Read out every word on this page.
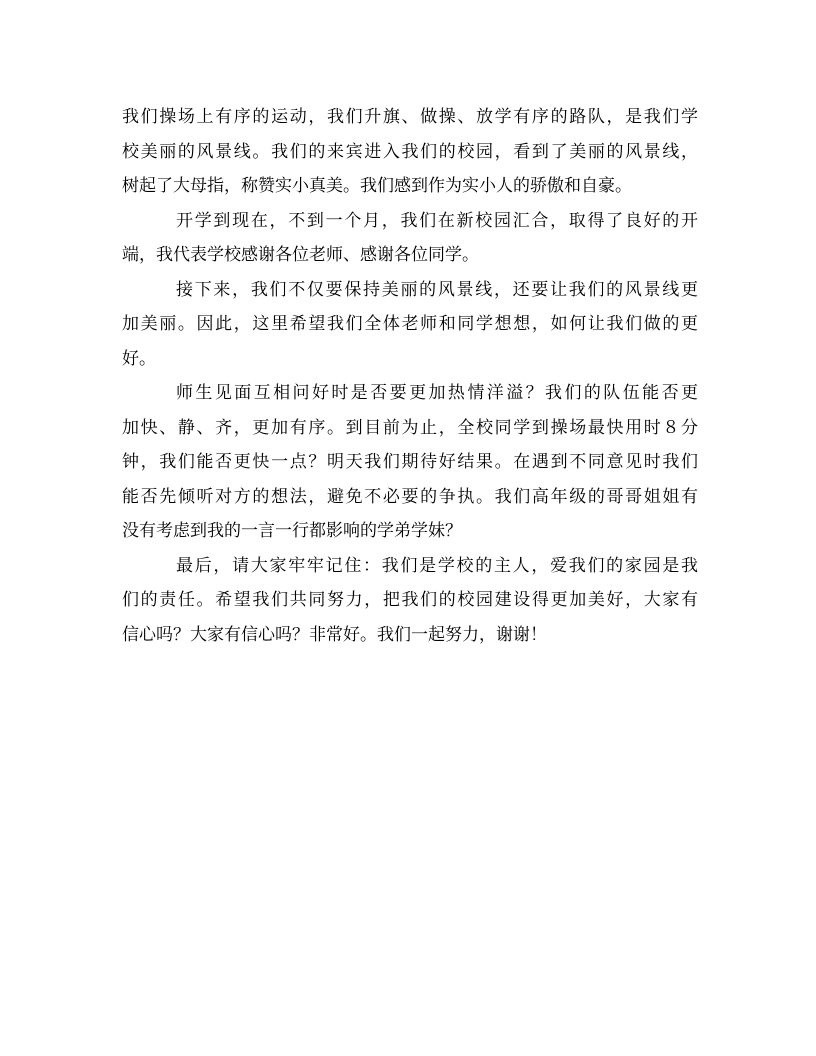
我们操场上有序的运动，我们升旗、做操、放学有序的路队，是我们学
校美丽的风景线。我们的来宾进入我们的校园，看到了美丽的风景线，
树起了大母指，称赞实小真美。我们感到作为实小人的骄傲和自豪。
开学到现在，不到一个月，我们在新校园汇合，取得了良好的开
端，我代表学校感谢各位老师、感谢各位同学。
接下来，我们不仅要保持美丽的风景线，还要让我们的风景线更
加美丽。因此，这里希望我们全体老师和同学想想，如何让我们做的更
好。
师生见面互相问好时是否要更加热情洋溢？我们的队伍能否更
加快、静、齐，更加有序。到目前为止，全校同学到操场最快用时８分
钟，我们能否更快一点？明天我们期待好结果。在遇到不同意见时我们
能否先倾听对方的想法，避免不必要的争执。我们高年级的哥哥姐姐有
没有考虑到我的一言一行都影响的学弟学妹？
最后，请大家牢牢记住：我们是学校的主人，爱我们的家园是我
们的责任。希望我们共同努力，把我们的校园建设得更加美好，大家有
信心吗？大家有信心吗？非常好。我们一起努力，谢谢！
